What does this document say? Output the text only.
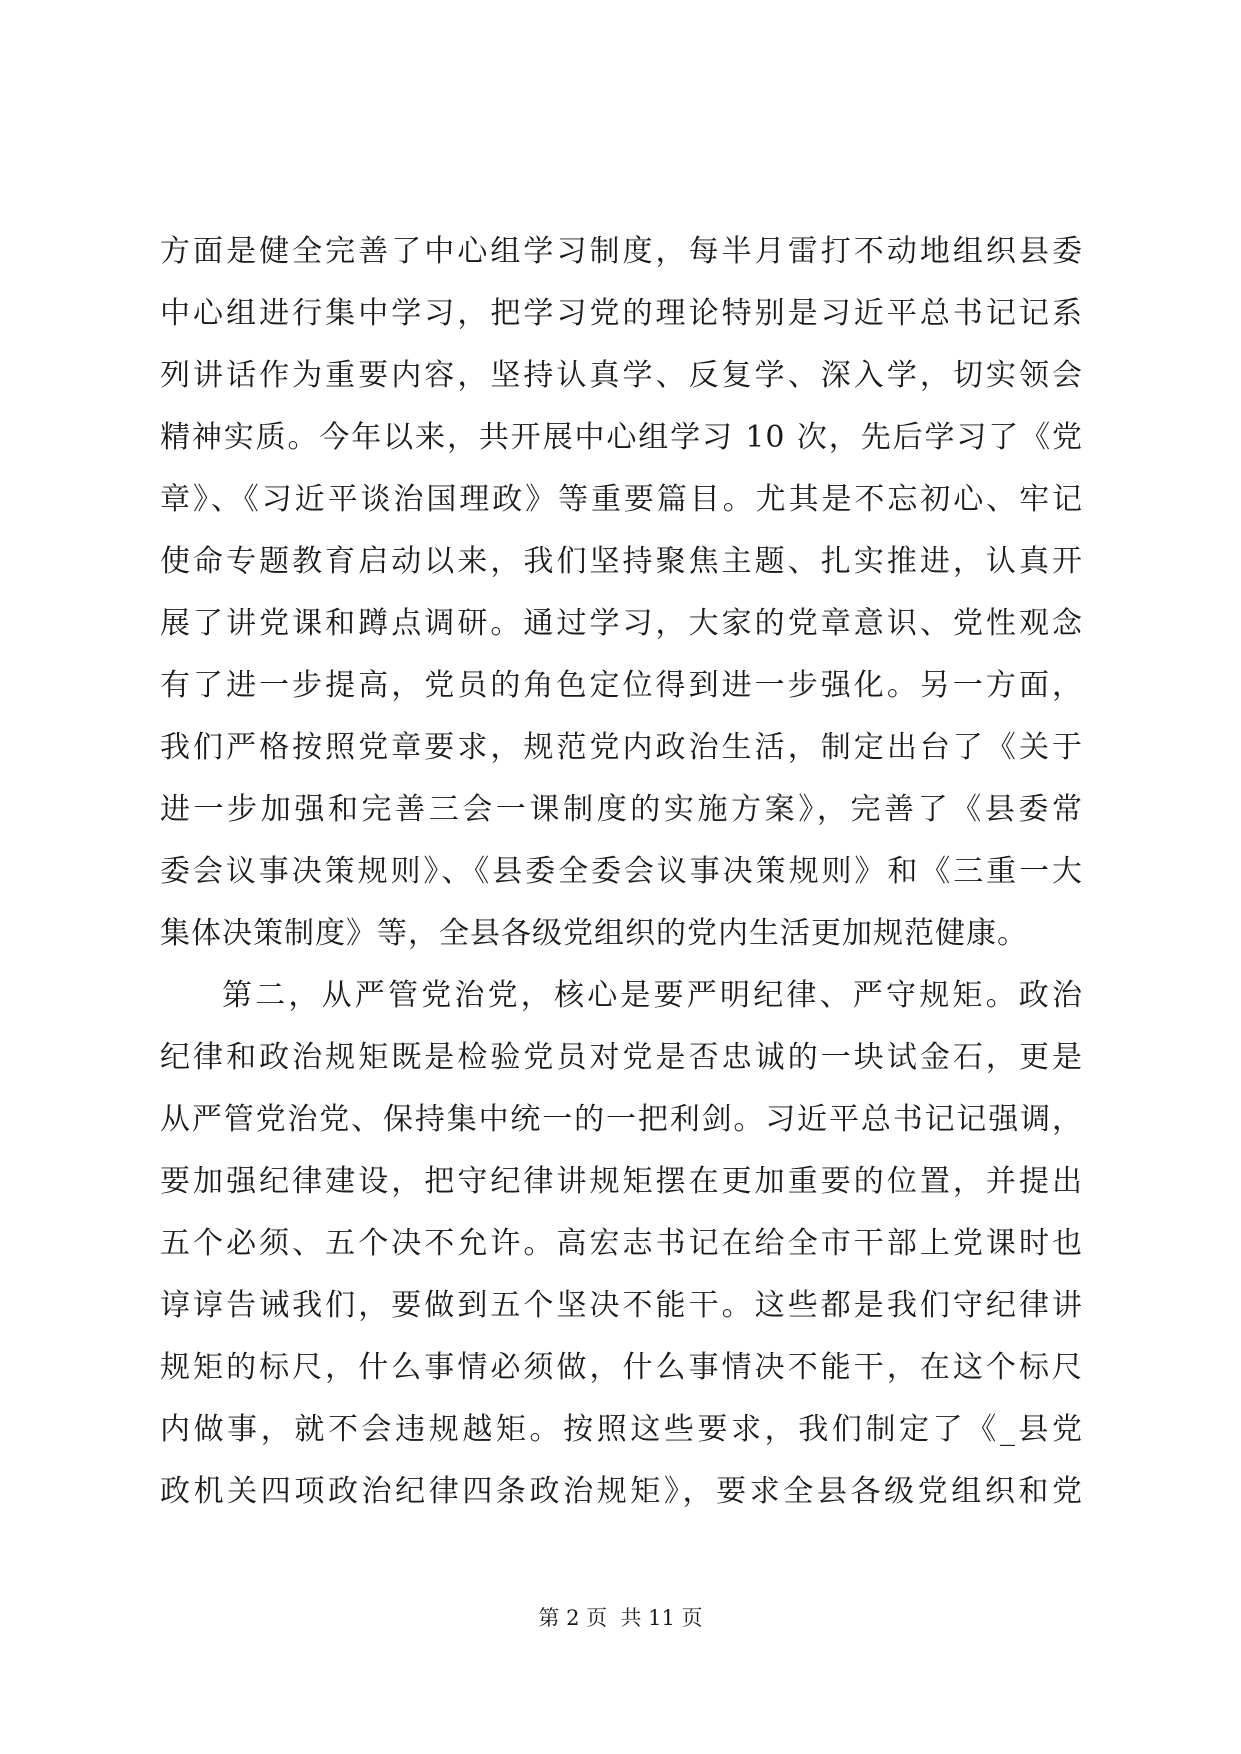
方面是健全完善了中心组学习制度，每半月雷打不动地组织县委
中心组进行集中学习，把学习党的理论特别是习近平总书记记系
列讲话作为重要内容，坚持认真学、反复学、深入学，切实领会
精神实质。今年以来，共开展中心组学习 10 次，先后学习了《党
章》、《习近平谈治国理政》等重要篇目。尤其是不忘初心、牢记
使命专题教育启动以来，我们坚持聚焦主题、扎实推进，认真开
展了讲党课和蹲点调研。通过学习，大家的党章意识、党性观念
有了进一步提高，党员的角色定位得到进一步强化。另一方面，
我们严格按照党章要求，规范党内政治生活，制定出台了《关于
进一步加强和完善三会一课制度的实施方案》，完善了《县委常
委会议事决策规则》、《县委全委会议事决策规则》和《三重一大
集体决策制度》等，全县各级党组织的党内生活更加规范健康。
第二，从严管党治党，核心是要严明纪律、严守规矩。政治
纪律和政治规矩既是检验党员对党是否忠诚的一块试金石，更是
从严管党治党、保持集中统一的一把利剑。习近平总书记记强调，
要加强纪律建设，把守纪律讲规矩摆在更加重要的位置，并提出
五个必须、五个决不允许。高宏志书记在给全市干部上党课时也
谆谆告诫我们，要做到五个坚决不能干。这些都是我们守纪律讲
规矩的标尺，什么事情必须做，什么事情决不能干，在这个标尺
内做事，就不会违规越矩。按照这些要求，我们制定了《_县党
政机关四项政治纪律四条政治规矩》，要求全县各级党组织和党
第 2 页  共 11 页
